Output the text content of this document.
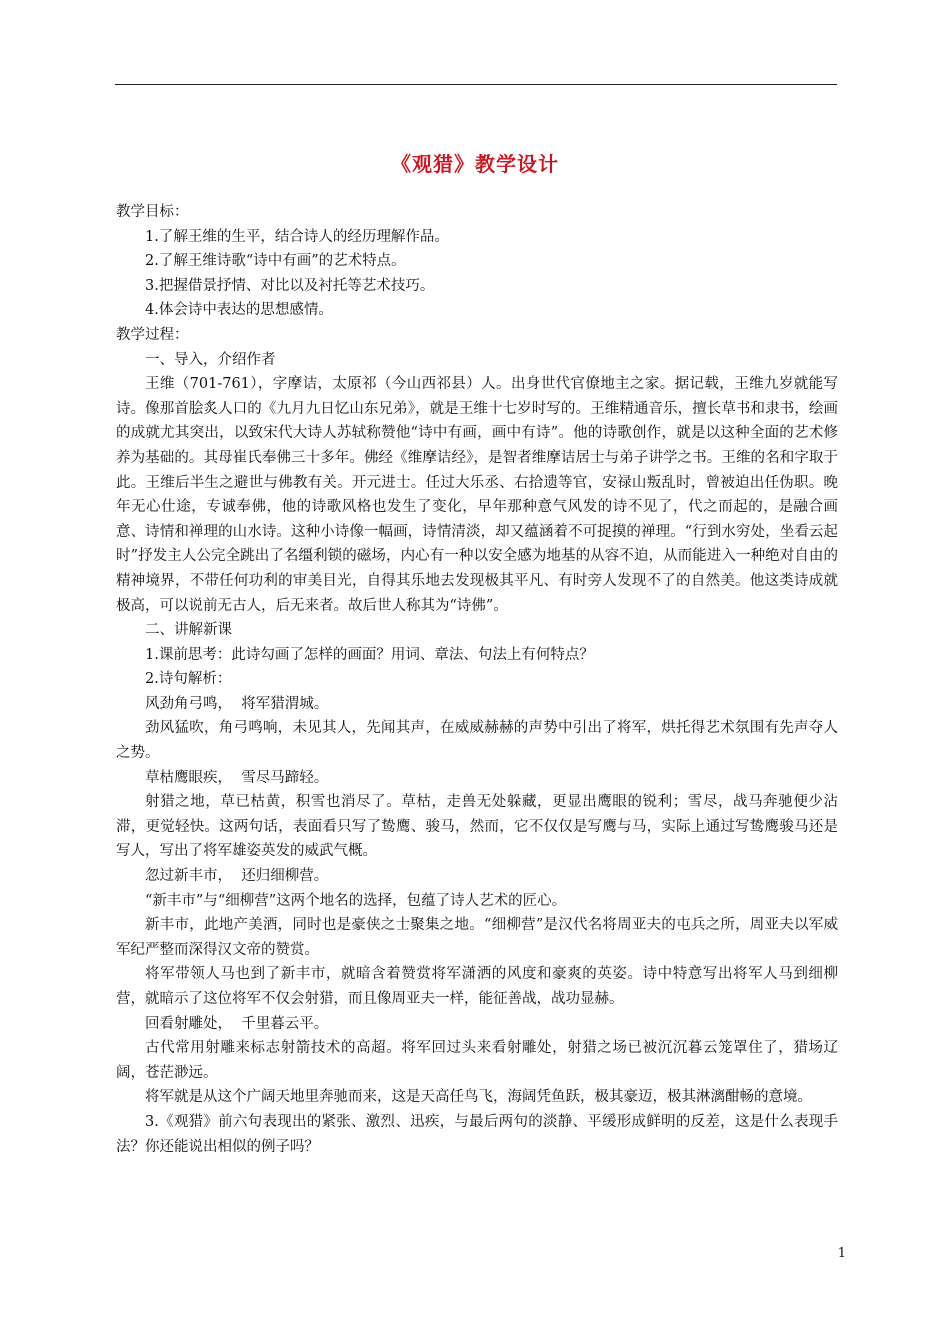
《观猎》教学设计

教学目标：

1.了解王维的生平，结合诗人的经历理解作品。

2.了解王维诗歌“诗中有画”的艺术特点。

3.把握借景抒情、对比以及衬托等艺术技巧。

4.体会诗中表达的思想感情。

教学过程：

一、导入，介绍作者

王维（701-761），字摩诘，太原祁（今山西祁县）人。出身世代官僚地主之家。据记载，王维九岁就能写诗。像那首脍炙人口的《九月九日忆山东兄弟》，就是王维十七岁时写的。王维精通音乐，擅长草书和隶书，绘画的成就尤其突出，以致宋代大诗人苏轼称赞他“诗中有画，画中有诗”。他的诗歌创作，就是以这种全面的艺术修养为基础的。其母崔氏奉佛三十多年。佛经《维摩诘经》，是智者维摩诘居士与弟子讲学之书。王维的名和字取于此。王维后半生之避世与佛教有关。开元进士。任过大乐丞、右拾遗等官，安禄山叛乱时，曾被迫出任伪职。晚年无心仕途，专诚奉佛，他的诗歌风格也发生了变化，早年那种意气风发的诗不见了，代之而起的，是融合画意、诗情和禅理的山水诗。这种小诗像一幅画，诗情清淡，却又蕴涵着不可捉摸的禅理。“行到水穷处，坐看云起时”抒发主人公完全跳出了名缰利锁的磁场，内心有一种以安全感为地基的从容不迫，从而能进入一种绝对自由的精神境界，不带任何功利的审美目光，自得其乐地去发现极其平凡、有时旁人发现不了的自然美。他这类诗成就极高，可以说前无古人，后无来者。故后世人称其为“诗佛”。

二、讲解新课

1.课前思考：此诗勾画了怎样的画面？用词、章法、句法上有何特点？

2.诗句解析：

风劲角弓鸣，  将军猎渭城。

劲风猛吹，角弓鸣响，未见其人，先闻其声，在威威赫赫的声势中引出了将军，烘托得艺术氛围有先声夺人之势。

草枯鹰眼疾，  雪尽马蹄轻。

射猎之地，草已枯黄，积雪也消尽了。草枯，走兽无处躲藏，更显出鹰眼的锐利；雪尽，战马奔驰便少沾滞，更觉轻快。这两句话，表面看只写了鸷鹰、骏马，然而，它不仅仅是写鹰与马，实际上通过写鸷鹰骏马还是写人，写出了将军雄姿英发的威武气概。

忽过新丰市，  还归细柳营。

“新丰市”与“细柳营”这两个地名的选择，包蕴了诗人艺术的匠心。

新丰市，此地产美酒，同时也是豪侠之士聚集之地。“细柳营”是汉代名将周亚夫的屯兵之所，周亚夫以军威军纪严整而深得汉文帝的赞赏。

将军带领人马也到了新丰市，就暗含着赞赏将军潇洒的风度和豪爽的英姿。诗中特意写出将军人马到细柳营，就暗示了这位将军不仅会射猎，而且像周亚夫一样，能征善战，战功显赫。

回看射雕处，  千里暮云平。

古代常用射雕来标志射箭技术的高超。将军回过头来看射雕处，射猎之场已被沉沉暮云笼罩住了，猎场辽阔，苍茫渺远。

将军就是从这个广阔天地里奔驰而来，这是天高任鸟飞，海阔凭鱼跃，极其豪迈，极其淋漓酣畅的意境。

3.《观猎》前六句表现出的紧张、激烈、迅疾，与最后两句的淡静、平缓形成鲜明的反差，这是什么表现手法？你还能说出相似的例子吗？

1
